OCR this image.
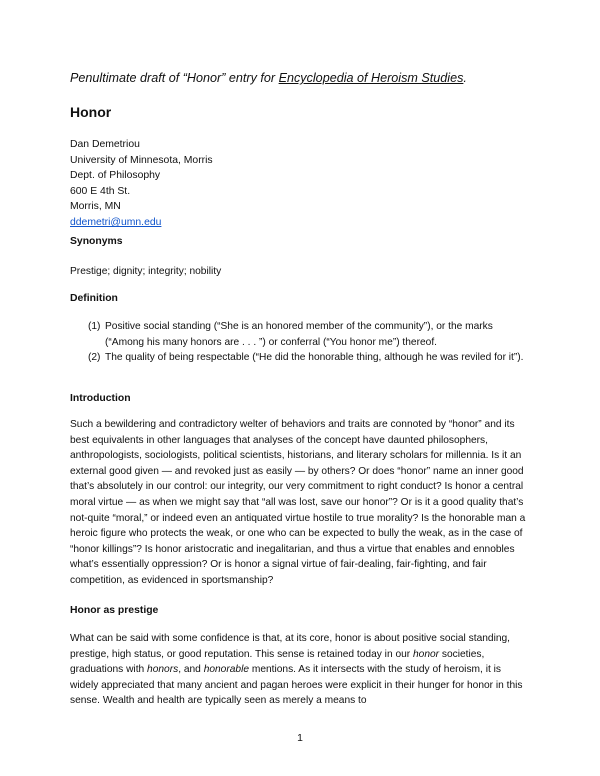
Penultimate draft of “Honor” entry for Encyclopedia of Heroism Studies.
Honor
Dan Demetriou
University of Minnesota, Morris
Dept. of Philosophy
600 E 4th St.
Morris, MN
ddemetri@umn.edu
Synonyms
Prestige; dignity; integrity; nobility
Definition
(1) Positive social standing (“She is an honored member of the community”), or the marks (“Among his many honors are . . . ”) or conferral (“You honor me”) thereof.
(2) The quality of being respectable (“He did the honorable thing, although he was reviled for it”).
Introduction
Such a bewildering and contradictory welter of behaviors and traits are connoted by “honor” and its best equivalents in other languages that analyses of the concept have daunted philosophers, anthropologists, sociologists, political scientists, historians, and literary scholars for millennia. Is it an external good given — and revoked just as easily — by others? Or does “honor” name an inner good that’s absolutely in our control: our integrity, our very commitment to right conduct? Is honor a central moral virtue — as when we might say that “all was lost, save our honor”? Or is it a good quality that’s not-quite “moral,” or indeed even an antiquated virtue hostile to true morality? Is the honorable man a heroic figure who protects the weak, or one who can be expected to bully the weak, as in the case of “honor killings”? Is honor aristocratic and inegalitarian, and thus a virtue that enables and ennobles what’s essentially oppression? Or is honor a signal virtue of fair-dealing, fair-fighting, and fair competition, as evidenced in sportsmanship?
Honor as prestige
What can be said with some confidence is that, at its core, honor is about positive social standing, prestige, high status, or good reputation. This sense is retained today in our honor societies, graduations with honors, and honorable mentions. As it intersects with the study of heroism, it is widely appreciated that many ancient and pagan heroes were explicit in their hunger for honor in this sense. Wealth and health are typically seen as merely a means to
1
